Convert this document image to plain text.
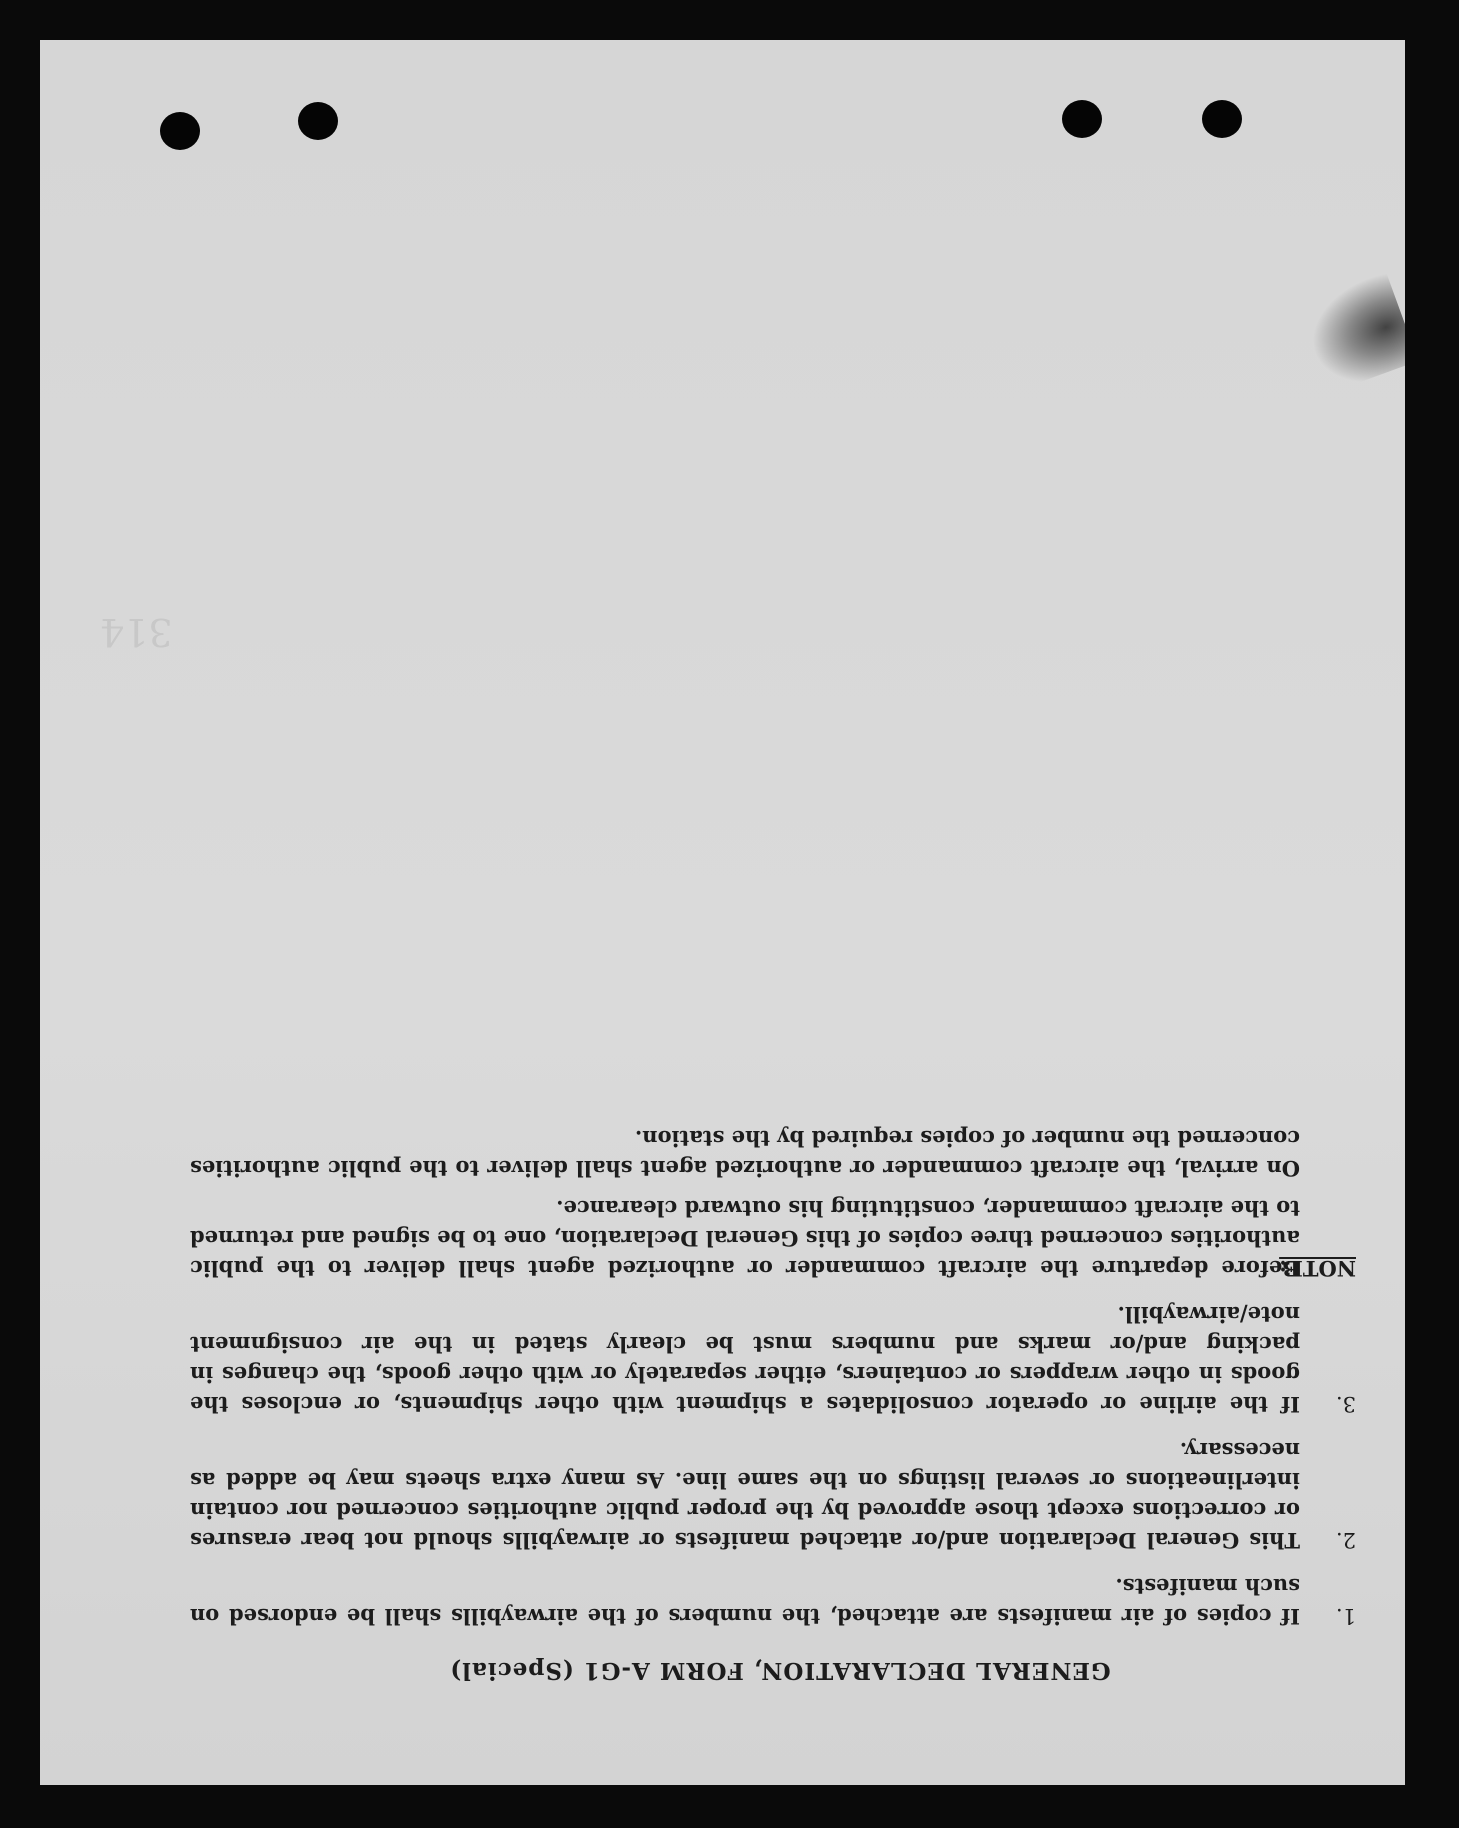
314
GENERAL DECLARATION, FORM A-G1 (Special)
1.
If copies of air manifests are attached, the numbers of the airwaybills shall be endorsed on such manifests.
2.
This General Declaration and/or attached manifests or airwaybills should not bear erasures or corrections except those approved by the proper public authorities concerned nor contain interlineations or several listings on the same line. As many extra sheets may be added as necessary.
3.
If the airline or operator consolidates a shipment with other shipments, or encloses the goods in other wrappers or containers, either separately or with other goods, the changes in packing and/or marks and numbers must be clearly stated in the air consignment note/airwaybill.
NOTE:

Before departure the aircraft commander or authorized agent shall deliver to the public authorities concerned three copies of this General Declaration, one to be signed and returned to the aircraft commander, constituting his outward clearance.

On arrival, the aircraft commander or authorized agent shall deliver to the public authorities concerned the number of copies required by the station.
